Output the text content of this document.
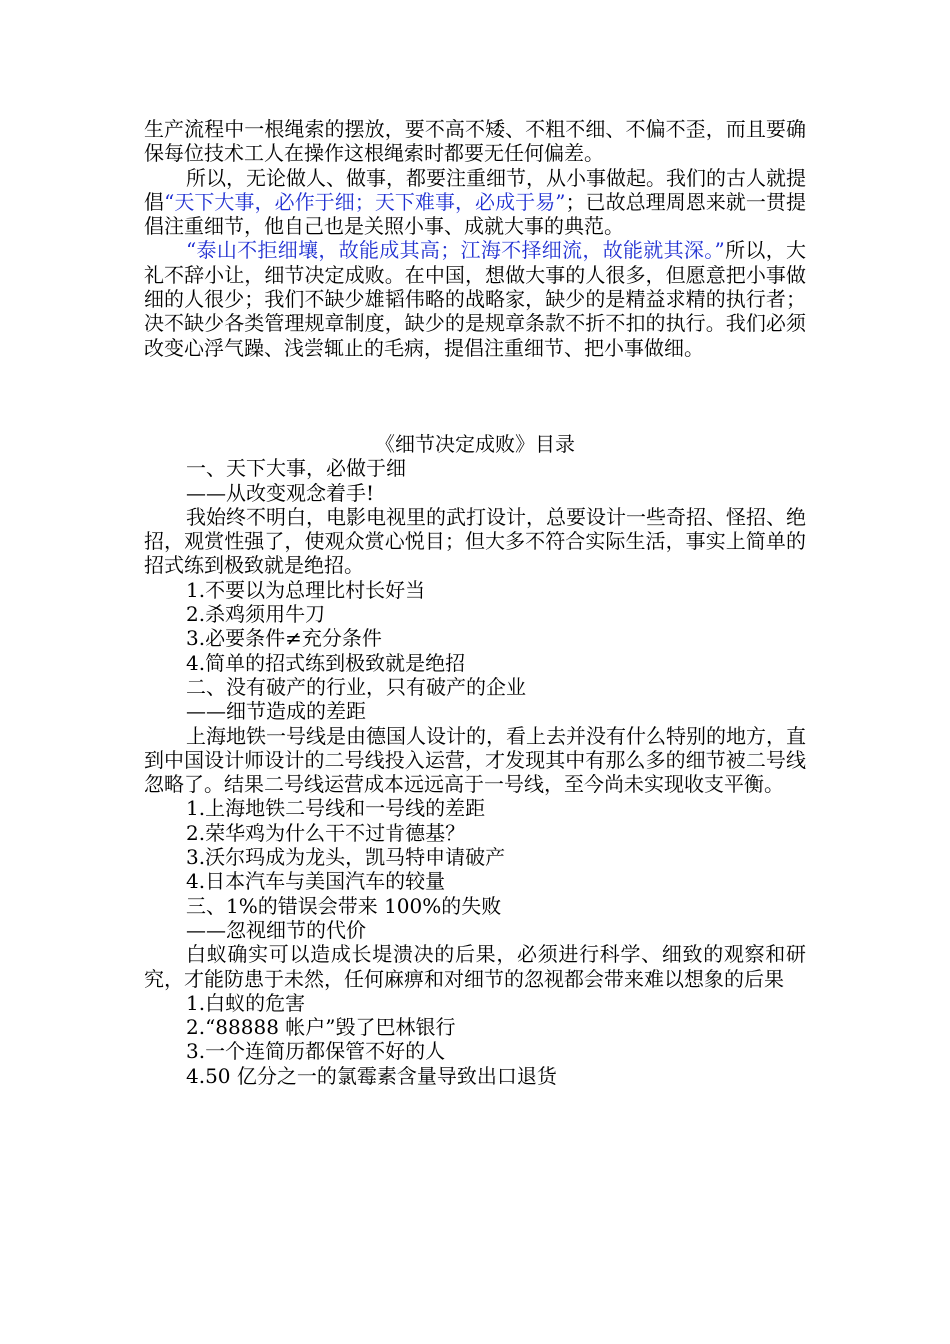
生产流程中一根绳索的摆放，要不高不矮、不粗不细、不偏不歪，而且要确保每位技术工人在操作这根绳索时都要无任何偏差。

所以，无论做人、做事，都要注重细节，从小事做起。我们的古人就提倡“天下大事，必作于细；天下难事，必成于易”；已故总理周恩来就一贯提倡注重细节，他自己也是关照小事、成就大事的典范。

“泰山不拒细壤，故能成其高；江海不择细流，故能就其深。”所以，大礼不辞小让，细节决定成败。在中国，想做大事的人很多，但愿意把小事做细的人很少；我们不缺少雄韬伟略的战略家，缺少的是精益求精的执行者；决不缺少各类管理规章制度，缺少的是规章条款不折不扣的执行。我们必须改变心浮气躁、浅尝辄止的毛病，提倡注重细节、把小事做细。

《细节决定成败》目录

一、天下大事，必做于细

——从改变观念着手!

我始终不明白，电影电视里的武打设计，总要设计一些奇招、怪招、绝招，观赏性强了，使观众赏心悦目；但大多不符合实际生活，事实上简单的招式练到极致就是绝招。

1.不要以为总理比村长好当

2.杀鸡须用牛刀

3.必要条件≠充分条件

4.简单的招式练到极致就是绝招

二、没有破产的行业，只有破产的企业

——细节造成的差距

上海地铁一号线是由德国人设计的，看上去并没有什么特别的地方，直到中国设计师设计的二号线投入运营，才发现其中有那么多的细节被二号线忽略了。结果二号线运营成本远远高于一号线，至今尚未实现收支平衡。

1.上海地铁二号线和一号线的差距

2.荣华鸡为什么干不过肯德基？

3.沃尔玛成为龙头，凯马特申请破产

4.日本汽车与美国汽车的较量

三、1%的错误会带来 100%的失败

——忽视细节的代价

白蚁确实可以造成长堤溃决的后果，必须进行科学、细致的观察和研究，才能防患于未然，任何麻痹和对细节的忽视都会带来难以想象的后果

1.白蚁的危害

2.“88888 帐户”毁了巴林银行

3.一个连简历都保管不好的人

4.50 亿分之一的氯霉素含量导致出口退货
